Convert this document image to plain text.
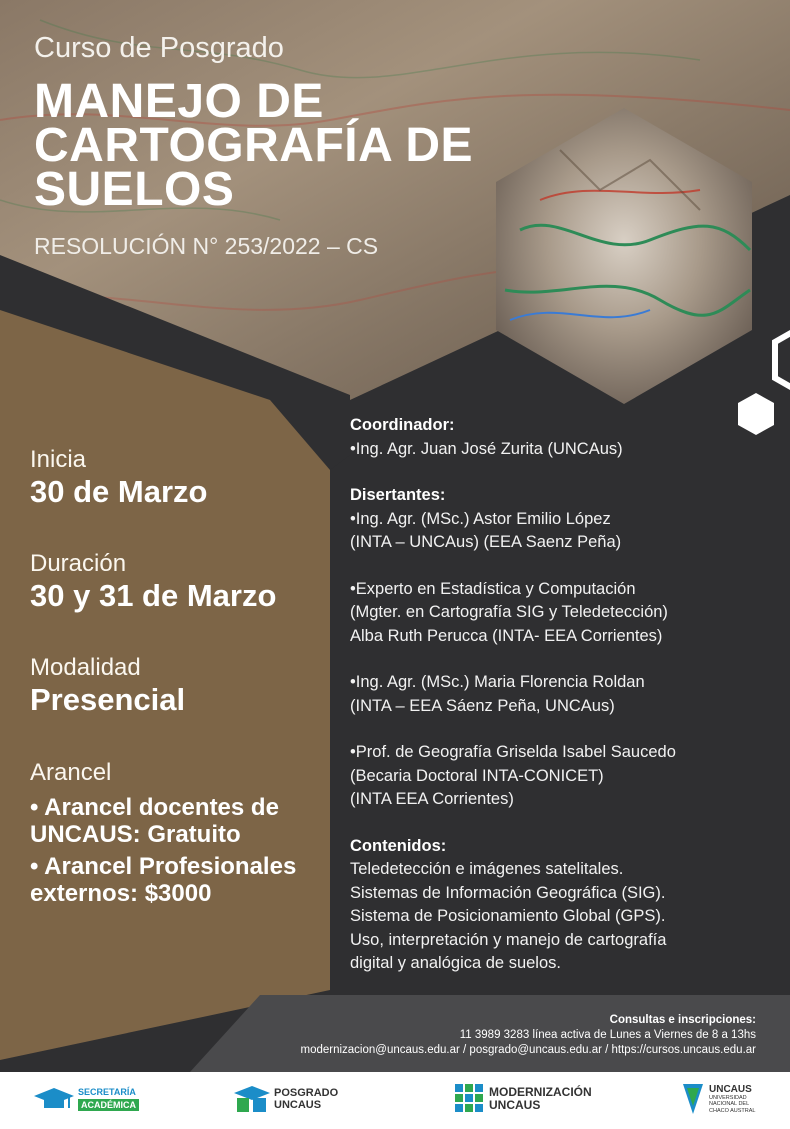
Curso de Posgrado
MANEJO DE
CARTOGRAFÍA DE
SUELOS
RESOLUCIÓN N° 253/2022 – CS
Inicia
30 de Marzo
Duración
30 y 31 de Marzo
Modalidad
Presencial
Arancel
• Arancel docentes de UNCAUS: Gratuito
• Arancel Profesionales externos: $3000
Coordinador:
•Ing. Agr. Juan José Zurita (UNCAus)
Disertantes:
•Ing. Agr. (MSc.) Astor Emilio López
(INTA – UNCAus) (EEA Saenz Peña)
•Experto en Estadística y Computación
(Mgter. en Cartografía SIG y Teledetección)
Alba Ruth Perucca (INTA- EEA Corrientes)
•Ing. Agr. (MSc.) Maria Florencia Roldan
(INTA – EEA Sáenz Peña, UNCAus)
•Prof. de Geografía Griselda Isabel Saucedo
(Becaria Doctoral INTA-CONICET)
(INTA EEA Corrientes)
Contenidos:
Teledetección e imágenes satelitales.
Sistemas de Información Geográfica (SIG).
Sistema de Posicionamiento Global (GPS).
Uso, interpretación y manejo de cartografía
digital y analógica de suelos.
Consultas e inscripciones:
11 3989 3283 línea activa de Lunes a Viernes de 8 a 13hs
modernizacion@uncaus.edu.ar / posgrado@uncaus.edu.ar / https://cursos.uncaus.edu.ar
SECRETARÍA
ACADÉMICA
POSGRADO
UNCAUS
MODERNIZACIÓN
UNCAUS
UNCAUS
UNIVERSIDAD
NACIONAL DEL
CHACO AUSTRAL
